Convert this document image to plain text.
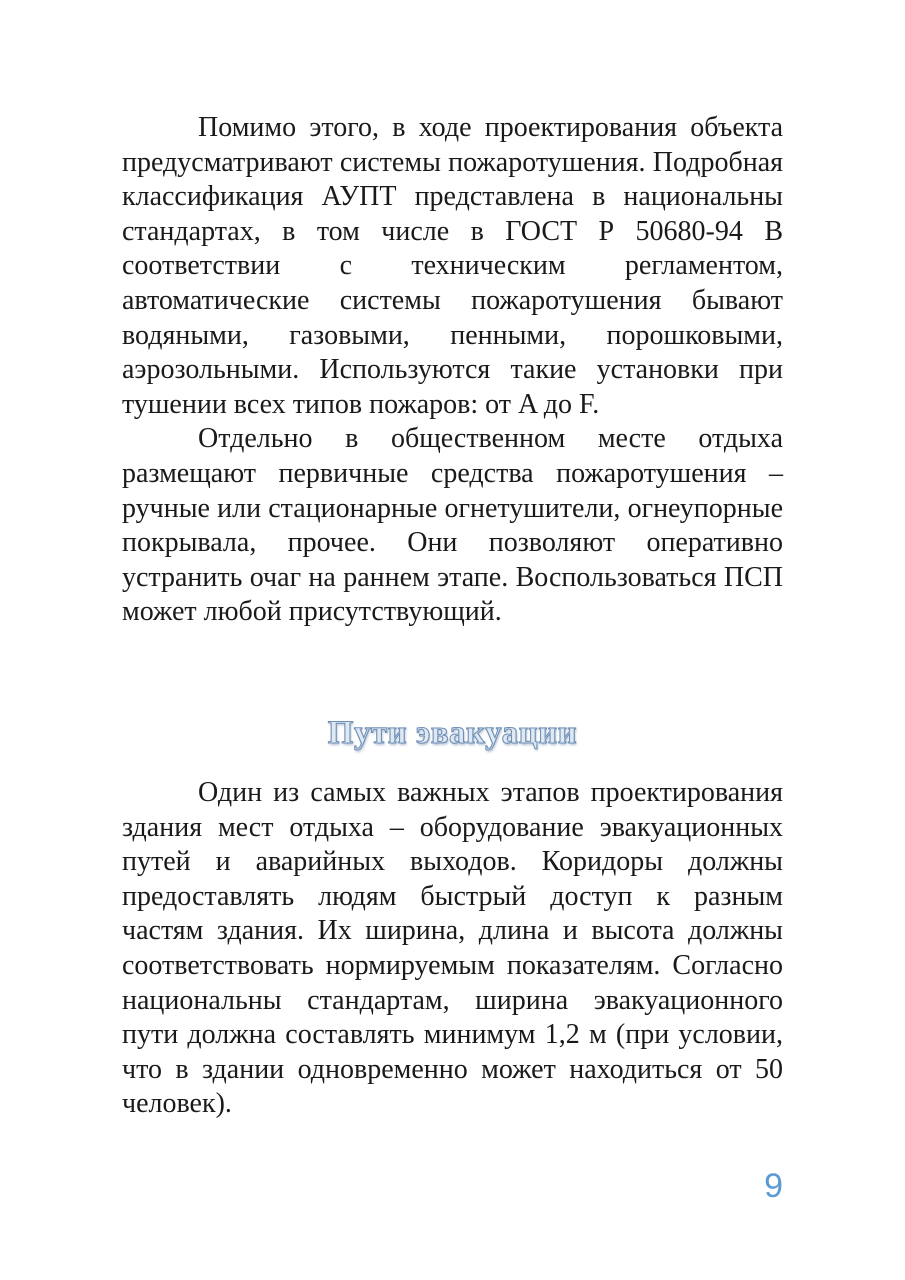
Помимо этого, в ходе проектирования объекта предусматривают системы пожаротушения. Подробная классификация АУПТ представлена в национальны стандартах, в том числе в ГОСТ Р 50680-94 В соответствии с техническим регламентом, автоматические системы пожаротушения бывают водяными, газовыми, пенными, порошковыми, аэрозольными. Используются такие установки при тушении всех типов пожаров: от A до F.

Отдельно в общественном месте отдыха размещают первичные средства пожаротушения – ручные или стационарные огнетушители, огнеупорные покрывала, прочее. Они позволяют оперативно устранить очаг на раннем этапе. Воспользоваться ПСП может любой присутствующий.

Пути эвакуации

Один из самых важных этапов проектирования здания мест отдыха – оборудование эвакуационных путей и аварийных выходов. Коридоры должны предоставлять людям быстрый доступ к разным частям здания. Их ширина, длина и высота должны соответствовать нормируемым показателям. Согласно национальны стандартам, ширина эвакуационного пути должна составлять минимум 1,2 м (при условии, что в здании одновременно может находиться от 50 человек).

9
